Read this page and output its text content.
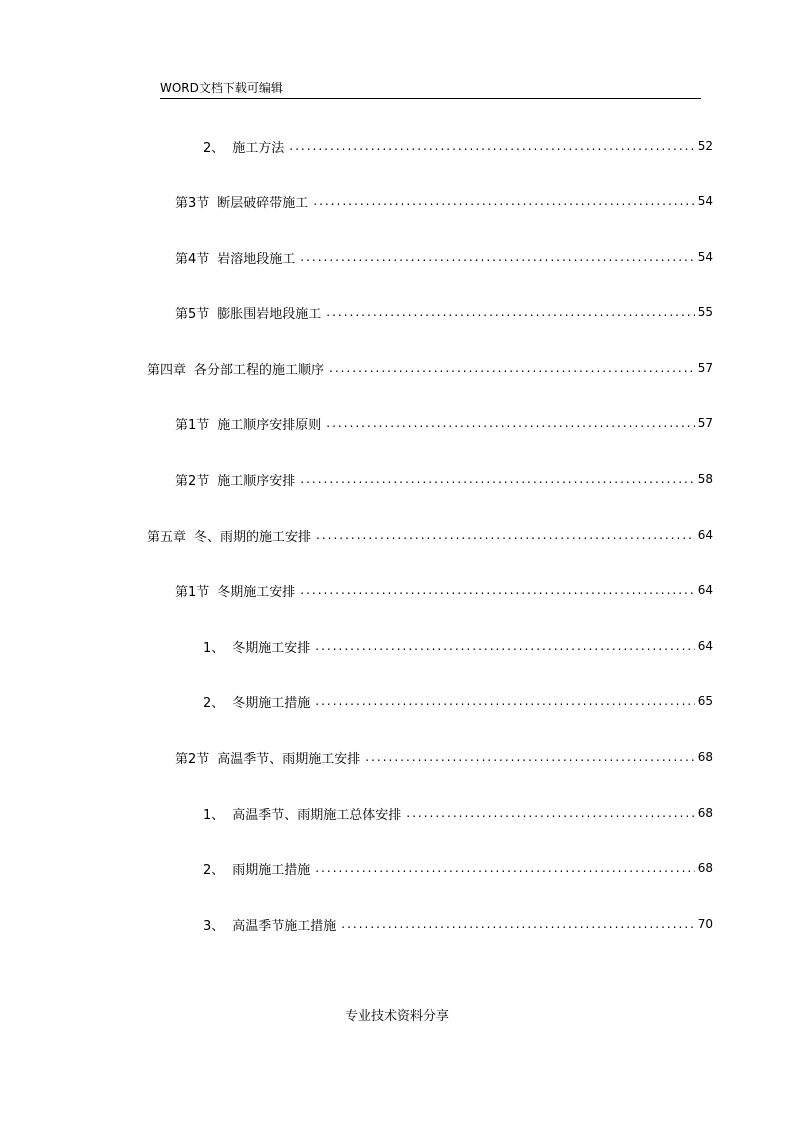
WORD文档下载可编辑
2、 施工方法 .....	52
第3节 断层破碎带施工 .....	54
第4节 岩溶地段施工 .....	54
第5节 膨胀围岩地段施工 .....	55
第四章 各分部工程的施工顺序 .....	57
第1节 施工顺序安排原则 .....	57
第2节 施工顺序安排 .....	58
第五章 冬、雨期的施工安排 .....	64
第1节 冬期施工安排 .....	64
1、 冬期施工安排 .....	64
2、 冬期施工措施 .....	65
第2节 高温季节、雨期施工安排 .....	68
1、 高温季节、雨期施工总体安排 .....	68
2、 雨期施工措施 .....	68
3、 高温季节施工措施 .....	70
专业技术资料分享
